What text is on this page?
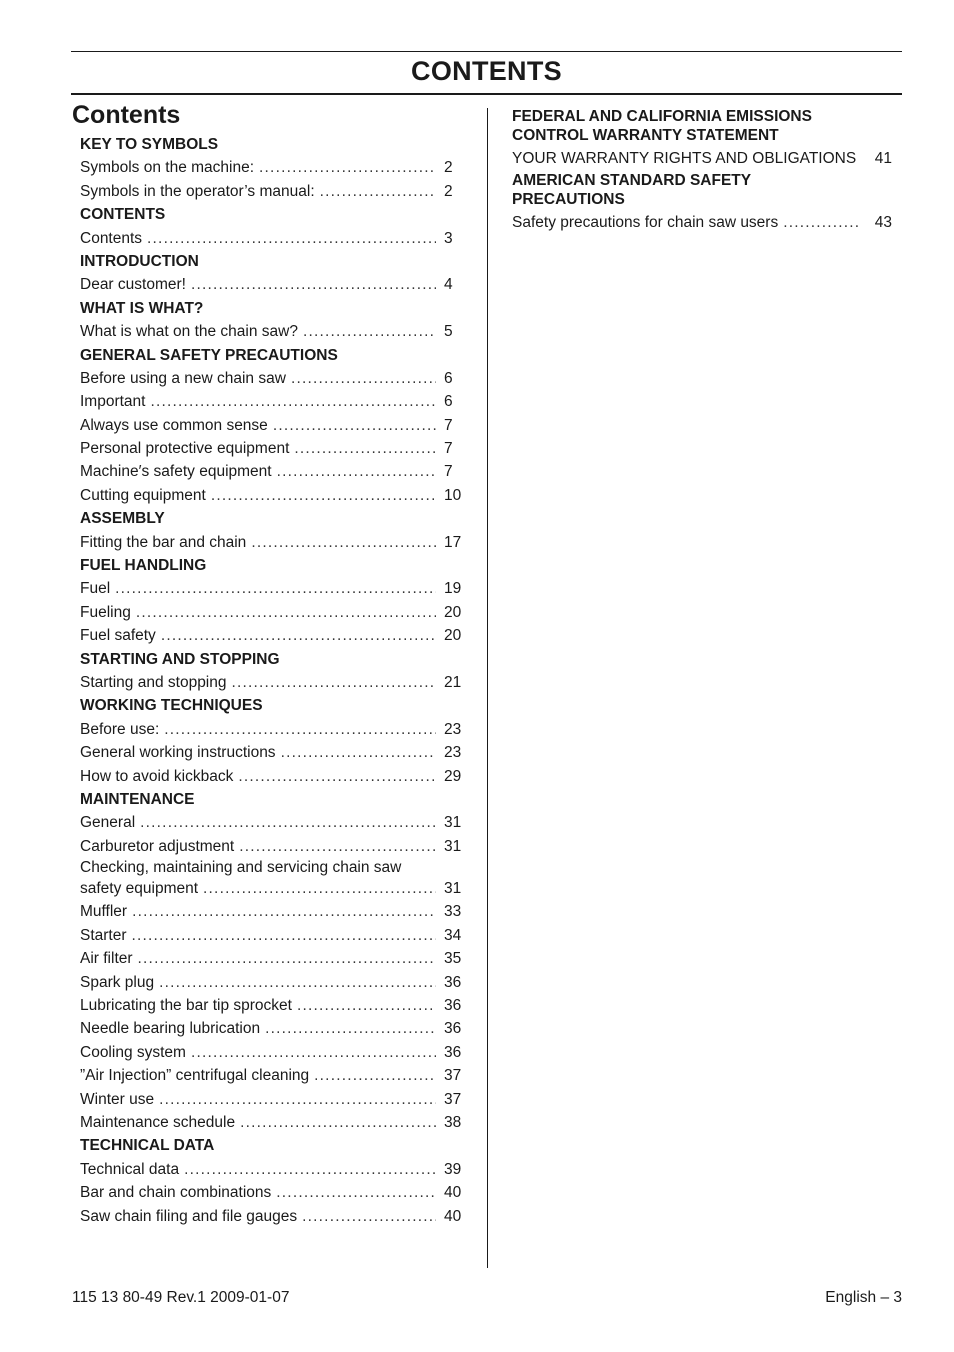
CONTENTS
Contents
KEY TO SYMBOLS
Symbols on the machine: .....	2
Symbols in the operator’s manual: .....	2
CONTENTS
Contents .....	3
INTRODUCTION
Dear customer! .....	4
WHAT IS WHAT?
What is what on the chain saw? .....	5
GENERAL SAFETY PRECAUTIONS
Before using a new chain saw .....	6
Important .....	6
Always use common sense .....	7
Personal protective equipment .....	7
Machine′s safety equipment .....	7
Cutting equipment .....	10
ASSEMBLY
Fitting the bar and chain .....	17
FUEL HANDLING
Fuel .....	19
Fueling .....	20
Fuel safety .....	20
STARTING AND STOPPING
Starting and stopping .....	21
WORKING TECHNIQUES
Before use: .....	23
General working instructions .....	23
How to avoid kickback .....	29
MAINTENANCE
General .....	31
Carburetor adjustment .....	31
Checking, maintaining and servicing chain saw
safety equipment .....	31
Muffler .....	33
Starter .....	34
Air filter .....	35
Spark plug .....	36
Lubricating the bar tip sprocket .....	36
Needle bearing lubrication .....	36
Cooling system .....	36
”Air Injection” centrifugal cleaning .....	37
Winter use .....	37
Maintenance schedule .....	38
TECHNICAL DATA
Technical data .....	39
Bar and chain combinations .....	40
Saw chain filing and file gauges .....	40
FEDERAL AND CALIFORNIA EMISSIONS
CONTROL WARRANTY STATEMENT
YOUR WARRANTY RIGHTS AND OBLIGATIONS	41
AMERICAN STANDARD SAFETY
PRECAUTIONS
Safety precautions for chain saw users .....	43
115 13 80-49 Rev.1 2009-01-07	English – 3
